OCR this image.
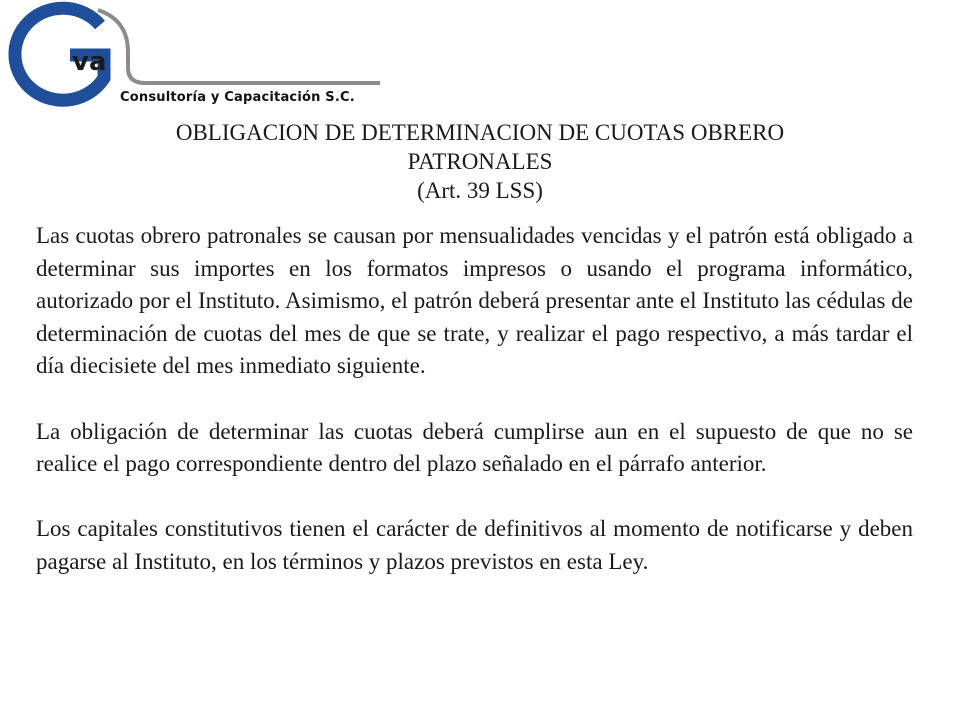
va
Consultoría y Capacitación S.C.
OBLIGACION DE DETERMINACION DE CUOTAS OBRERO
PATRONALES
(Art. 39 LSS)

Las cuotas obrero patronales se causan por mensualidades vencidas y el patrón está obligado a determinar sus importes en los formatos impresos o usando el programa informático, autorizado por el Instituto. Asimismo, el patrón deberá presentar ante el Instituto las cédulas de determinación de cuotas del mes de que se trate, y realizar el pago respectivo, a más tardar el día diecisiete del mes inmediato siguiente.

La obligación de determinar las cuotas deberá cumplirse aun en el supuesto de que no se realice el pago correspondiente dentro del plazo señalado en el párrafo anterior.

Los capitales constitutivos tienen el carácter de definitivos al momento de notificarse y deben pagarse al Instituto, en los términos y plazos previstos en esta Ley.
